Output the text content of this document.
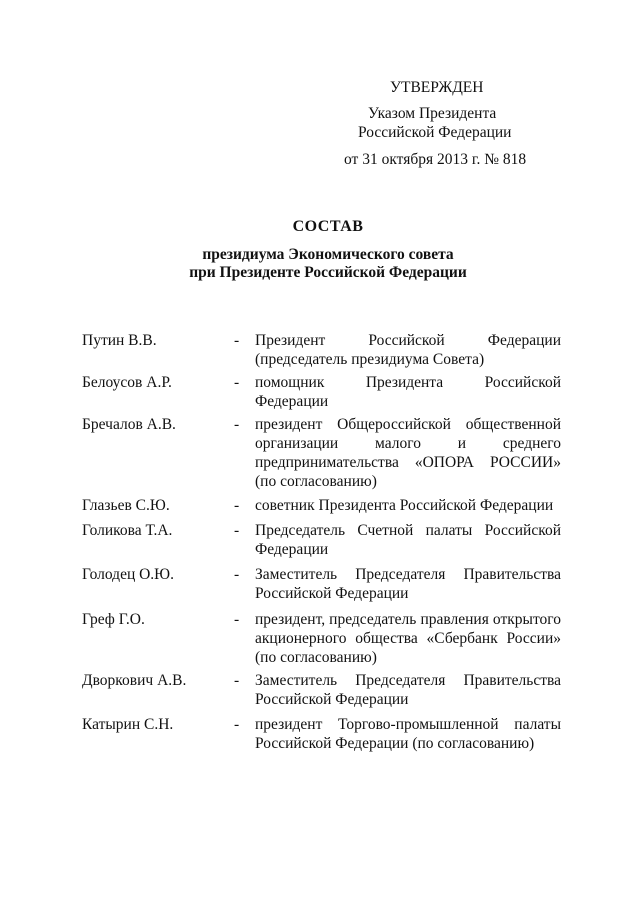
УТВЕРЖДЕН
Указом Президента
Российской Федерации
от 31 октября 2013 г. № 818
СОСТАВ
президиума Экономического совета
при Президенте Российской Федерации
Путин В.В.	- Президент Российской Федерации (председатель президиума Совета)
Белоусов А.Р.	- помощник Президента Российской Федерации
Бречалов А.В.	- президент Общероссийской общественной организации малого и среднего предпринимательства «ОПОРА РОССИИ» (по согласованию)
Глазьев С.Ю.	- советник Президента Российской Федерации
Голикова Т.А.	- Председатель Счетной палаты Российской Федерации
Голодец О.Ю.	- Заместитель Председателя Правительства Российской Федерации
Греф Г.О.	- президент, председатель правления открытого акционерного общества «Сбербанк России» (по согласованию)
Дворкович А.В.	- Заместитель Председателя Правительства Российской Федерации
Катырин С.Н.	- президент Торгово-промышленной палаты Российской Федерации (по согласованию)
